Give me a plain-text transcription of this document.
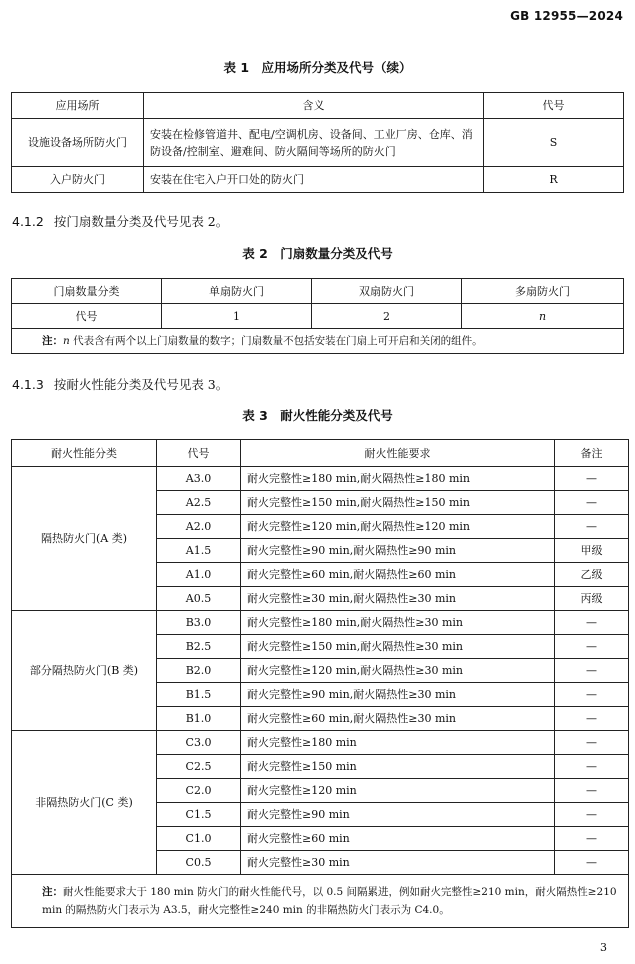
GB 12955—2024
表 1　应用场所分类及代号（续）
应用场所	含义	代号
设施设备场所防火门	安装在检修管道井、配电/空调机房、设备间、工业厂房、仓库、消防设备/控制室、避难间、防火隔间等场所的防火门	S
入户防火门	安装在住宅入户开口处的防火门	R
4.1.2 按门扇数量分类及代号见表 2。
表 2　门扇数量分类及代号
门扇数量分类	单扇防火门	双扇防火门	多扇防火门
代号	1	2	n
注：n 代表含有两个以上门扇数量的数字；门扇数量不包括安装在门扇上可开启和关闭的组件。			
4.1.3 按耐火性能分类及代号见表 3。
表 3　耐火性能分类及代号
耐火性能分类	代号	耐火性能要求	备注
隔热防火门(A 类)	A3.0	耐火完整性≥180 min,耐火隔热性≥180 min	—
	A2.5	耐火完整性≥150 min,耐火隔热性≥150 min	—
	A2.0	耐火完整性≥120 min,耐火隔热性≥120 min	—
	A1.5	耐火完整性≥90 min,耐火隔热性≥90 min	甲级
	A1.0	耐火完整性≥60 min,耐火隔热性≥60 min	乙级
	A0.5	耐火完整性≥30 min,耐火隔热性≥30 min	丙级
部分隔热防火门(B 类)	B3.0	耐火完整性≥180 min,耐火隔热性≥30 min	—
	B2.5	耐火完整性≥150 min,耐火隔热性≥30 min	—
	B2.0	耐火完整性≥120 min,耐火隔热性≥30 min	—
	B1.5	耐火完整性≥90 min,耐火隔热性≥30 min	—
	B1.0	耐火完整性≥60 min,耐火隔热性≥30 min	—
非隔热防火门(C 类)	C3.0	耐火完整性≥180 min	—
	C2.5	耐火完整性≥150 min	—
	C2.0	耐火完整性≥120 min	—
	C1.5	耐火完整性≥90 min	—
	C1.0	耐火完整性≥60 min	—
	C0.5	耐火完整性≥30 min	—
注：耐火性能要求大于 180 min 防火门的耐火性能代号，以 0.5 间隔累进，例如耐火完整性≥210 min，耐火隔热性≥210 min 的隔热防火门表示为 A3.5，耐火完整性≥240 min 的非隔热防火门表示为 C4.0。			
3
